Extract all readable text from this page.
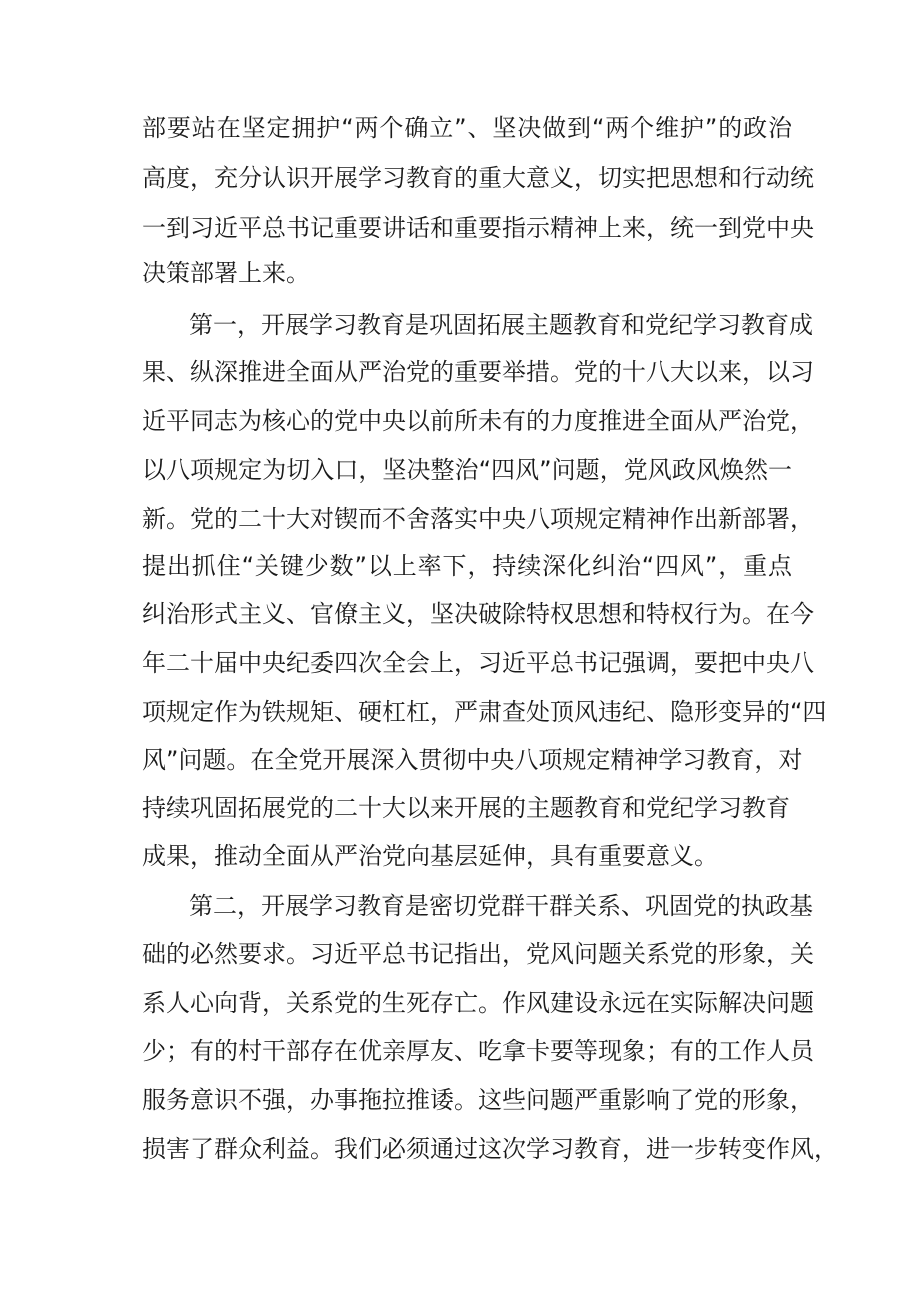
部要站在坚定拥护“两个确立”、坚决做到“两个维护”的政治

高度，充分认识开展学习教育的重大意义，切实把思想和行动统

一到习近平总书记重要讲话和重要指示精神上来，统一到党中央

决策部署上来。

第一，开展学习教育是巩固拓展主题教育和党纪学习教育成

果、纵深推进全面从严治党的重要举措。党的十八大以来，以习

近平同志为核心的党中央以前所未有的力度推进全面从严治党，

以八项规定为切入口，坚决整治“四风”问题，党风政风焕然一

新。党的二十大对锲而不舍落实中央八项规定精神作出新部署，

提出抓住“关键少数”以上率下，持续深化纠治“四风”，重点

纠治形式主义、官僚主义，坚决破除特权思想和特权行为。在今

年二十届中央纪委四次全会上，习近平总书记强调，要把中央八

项规定作为铁规矩、硬杠杠，严肃查处顶风违纪、隐形变异的“四

风”问题。在全党开展深入贯彻中央八项规定精神学习教育，对

持续巩固拓展党的二十大以来开展的主题教育和党纪学习教育

成果，推动全面从严治党向基层延伸，具有重要意义。

第二，开展学习教育是密切党群干群关系、巩固党的执政基

础的必然要求。习近平总书记指出，党风问题关系党的形象，关

系人心向背，关系党的生死存亡。作风建设永远在实际解决问题

少；有的村干部存在优亲厚友、吃拿卡要等现象；有的工作人员

服务意识不强，办事拖拉推诿。这些问题严重影响了党的形象，

损害了群众利益。我们必须通过这次学习教育，进一步转变作风，
